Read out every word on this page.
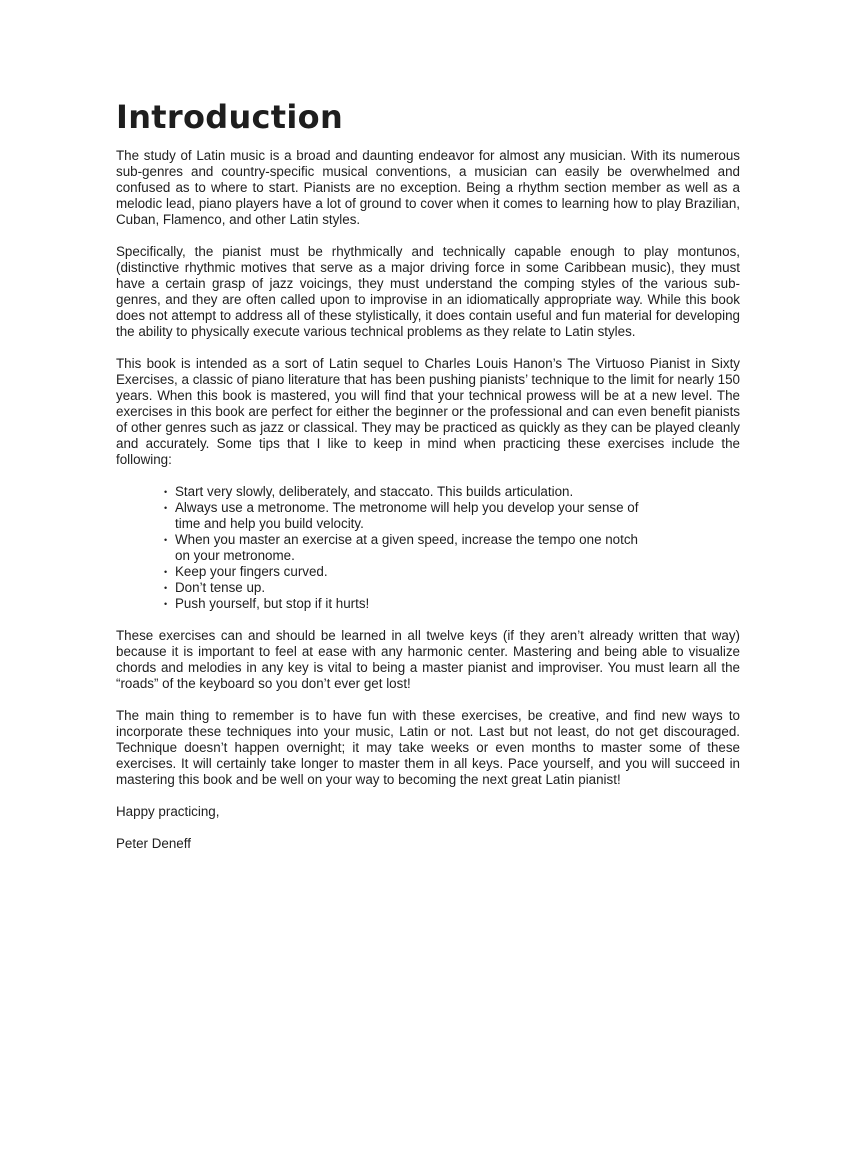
Introduction

The study of Latin music is a broad and daunting endeavor for almost any musician. With its numerous sub-genres and country-specific musical conventions, a musician can easily be overwhelmed and confused as to where to start. Pianists are no exception. Being a rhythm section member as well as a melodic lead, piano players have a lot of ground to cover when it comes to learning how to play Brazilian, Cuban, Flamenco, and other Latin styles.

Specifically, the pianist must be rhythmically and technically capable enough to play montunos, (distinctive rhythmic motives that serve as a major driving force in some Caribbean music), they must have a certain grasp of jazz voicings, they must understand the comping styles of the various sub-genres, and they are often called upon to improvise in an idiomatically appropriate way. While this book does not attempt to address all of these stylistically, it does contain useful and fun material for developing the ability to physically execute various technical problems as they relate to Latin styles.

This book is intended as a sort of Latin sequel to Charles Louis Hanon’s The Virtuoso Pianist in Sixty Exercises, a classic of piano literature that has been pushing pianists’ technique to the limit for nearly 150 years. When this book is mastered, you will find that your technical prowess will be at a new level. The exercises in this book are perfect for either the beginner or the professional and can even benefit pianists of other genres such as jazz or classical. They may be practiced as quickly as they can be played cleanly and accurately. Some tips that I like to keep in mind when practicing these exercises include the following:

• Start very slowly, deliberately, and staccato. This builds articulation.
• Always use a metronome. The metronome will help you develop your sense of time and help you build velocity.
• When you master an exercise at a given speed, increase the tempo one notch on your metronome.
• Keep your fingers curved.
• Don’t tense up.
• Push yourself, but stop if it hurts!

These exercises can and should be learned in all twelve keys (if they aren’t already written that way) because it is important to feel at ease with any harmonic center. Mastering and being able to visualize chords and melodies in any key is vital to being a master pianist and improviser. You must learn all the “roads” of the keyboard so you don’t ever get lost!

The main thing to remember is to have fun with these exercises, be creative, and find new ways to incorporate these techniques into your music, Latin or not. Last but not least, do not get discouraged. Technique doesn’t happen overnight; it may take weeks or even months to master some of these exercises. It will certainly take longer to master them in all keys. Pace yourself, and you will succeed in mastering this book and be well on your way to becoming the next great Latin pianist!

Happy practicing,

Peter Deneff
